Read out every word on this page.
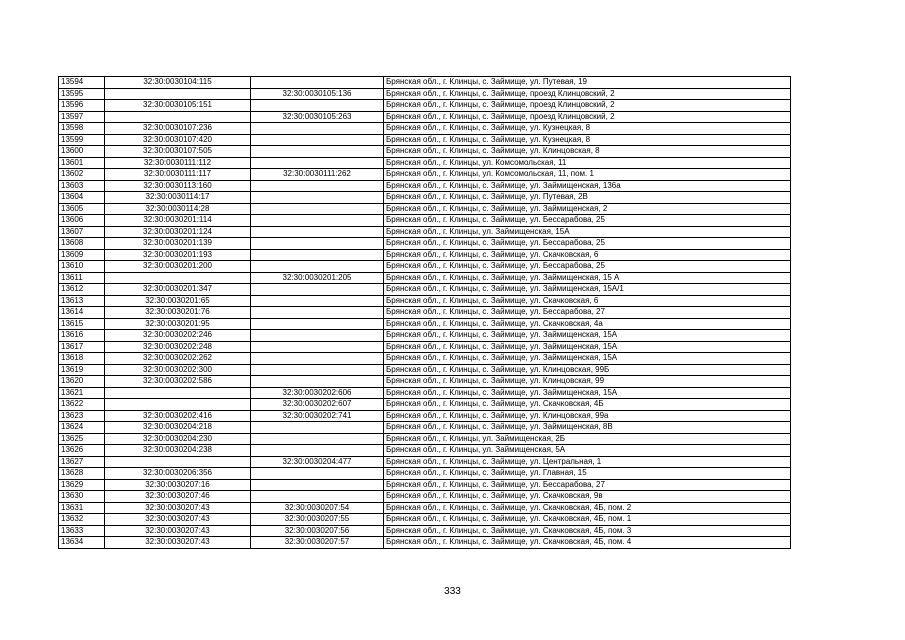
13594	32:30:0030104:115		Брянская обл., г. Клинцы, с. Займище, ул. Путевая, 19
13595		32:30:0030105:136	Брянская обл., г. Клинцы, с. Займище, проезд Клинцовский, 2
13596	32:30:0030105:151		Брянская обл., г. Клинцы, с. Займище, проезд Клинцовский, 2
13597		32:30:0030105:263	Брянская обл., г. Клинцы, с. Займище, проезд Клинцовский, 2
13598	32:30:0030107:236		Брянская обл., г. Клинцы, с. Займище, ул. Кузнецкая, 8
13599	32:30:0030107:420		Брянская обл., г. Клинцы, с. Займище, ул. Кузнецкая, 8
13600	32:30:0030107:505		Брянская обл., г. Клинцы, с. Займище, ул. Клинцовская, 8
13601	32:30:0030111:112		Брянская обл., г. Клинцы, ул. Комсомольская, 11
13602	32:30:0030111:117	32:30:0030111:262	Брянская обл., г. Клинцы, ул. Комсомольская, 11, пом. 1
13603	32:30:0030113:160		Брянская обл., г. Клинцы, с. Займище, ул. Займищенская, 136а
13604	32:30:0030114:17		Брянская обл., г. Клинцы, с. Займище, ул. Путевая, 2В
13605	32:30:0030114:28		Брянская обл., г. Клинцы, с. Займище, ул. Займищенская, 2
13606	32:30:0030201:114		Брянская обл., г. Клинцы, с. Займище, ул. Бессарабова, 25
13607	32:30:0030201:124		Брянская обл., г. Клинцы, ул. Займищенская, 15А
13608	32:30:0030201:139		Брянская обл., г. Клинцы, с. Займище, ул. Бессарабова, 25
13609	32:30:0030201:193		Брянская обл., г. Клинцы, с. Займище, ул. Скачковская, 6
13610	32:30:0030201:200		Брянская обл., г. Клинцы, с. Займище, ул. Бессарабова, 25
13611		32:30:0030201:205	Брянская обл., г. Клинцы, с. Займище, ул. Займищенская, 15 А
13612	32:30:0030201:347		Брянская обл., г. Клинцы, с. Займище, ул. Займищенская, 15А/1
13613	32:30:0030201:65		Брянская обл., г. Клинцы, с. Займище, ул. Скачковская, 6
13614	32:30:0030201:76		Брянская обл., г. Клинцы, с. Займище, ул. Бессарабова, 27
13615	32:30:0030201:95		Брянская обл., г. Клинцы, с. Займище, ул. Скачковская, 4а
13616	32:30:0030202:246		Брянская обл., г. Клинцы, с. Займище, ул. Займищенская, 15А
13617	32:30:0030202:248		Брянская обл., г. Клинцы, с. Займище, ул. Займищенская, 15А
13618	32:30:0030202:262		Брянская обл., г. Клинцы, с. Займище, ул. Займищенская, 15А
13619	32:30:0030202:300		Брянская обл., г. Клинцы, с. Займище, ул. Клинцовская, 99Б
13620	32:30:0030202:586		Брянская обл., г. Клинцы, с. Займище, ул. Клинцовская, 99
13621		32:30:0030202:606	Брянская обл., г. Клинцы, с. Займище, ул. Займищенская, 15А
13622		32:30:0030202:607	Брянская обл., г. Клинцы, с. Займище, ул. Скачковская, 4Б
13623	32:30:0030202:416	32:30:0030202:741	Брянская обл., г. Клинцы, с. Займище, ул. Клинцовская, 99а
13624	32:30:0030204:218		Брянская обл., г. Клинцы, с. Займище, ул. Займищенская, 8В
13625	32:30:0030204:230		Брянская обл., г. Клинцы, ул. Займищенская, 2Б
13626	32:30:0030204:238		Брянская обл., г. Клинцы, ул. Займищенская, 5А
13627		32:30:0030204:477	Брянская обл., г. Клинцы, с. Займище, ул. Центральная, 1
13628	32:30:0030206:356		Брянская обл., г. Клинцы, с. Займище, ул. Главная, 15
13629	32:30:0030207:16		Брянская обл., г. Клинцы, с. Займище, ул. Бессарабова, 27
13630	32:30:0030207:46		Брянская обл., г. Клинцы, с. Займище, ул. Скачковская, 9в
13631	32:30:0030207:43	32:30:0030207:54	Брянская обл., г. Клинцы, с. Займище, ул. Скачковская, 4Б, пом. 2
13632	32:30:0030207:43	32:30:0030207:55	Брянская обл., г. Клинцы, с. Займище, ул. Скачковская, 4Б, пом. 1
13633	32:30:0030207:43	32:30:0030207:56	Брянская обл., г. Клинцы, с. Займище, ул. Скачковская, 4Б, пом. 3
13634	32:30:0030207:43	32:30:0030207:57	Брянская обл., г. Клинцы, с. Займище, ул. Скачковская, 4Б, пом. 4
333
